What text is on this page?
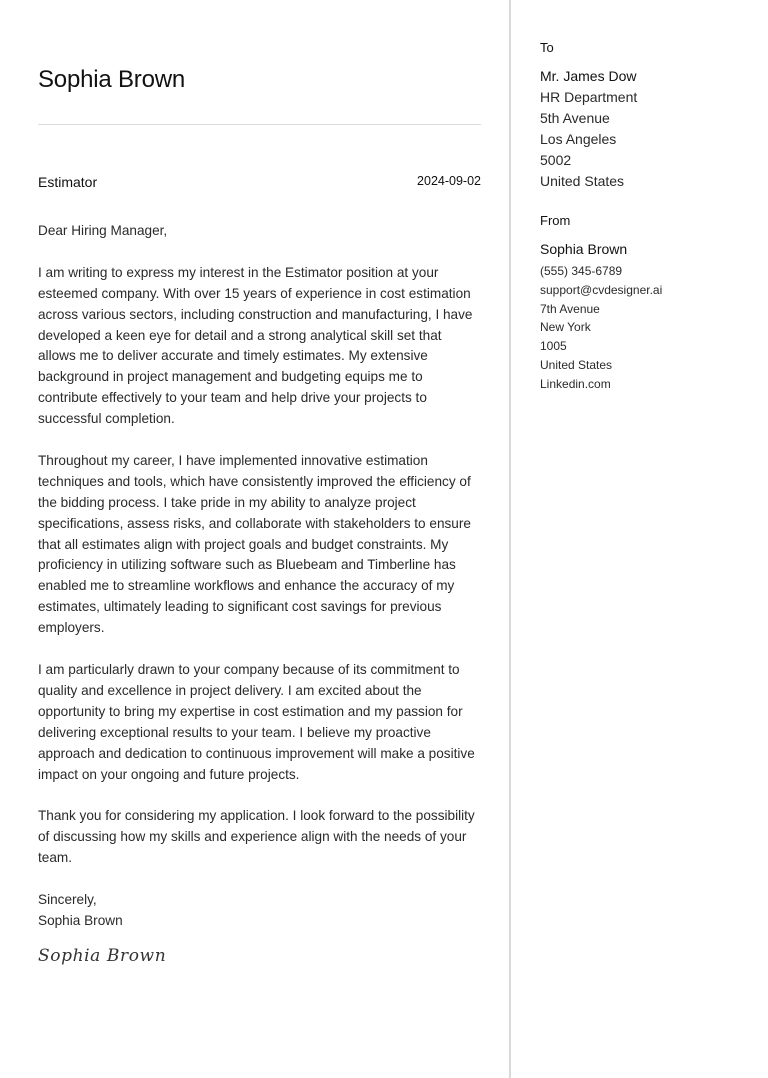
Sophia Brown
Estimator	2024-09-02

Dear Hiring Manager,

I am writing to express my interest in the Estimator position at your esteemed company. With over 15 years of experience in cost estimation across various sectors, including construction and manufacturing, I have developed a keen eye for detail and a strong analytical skill set that allows me to deliver accurate and timely estimates. My extensive background in project management and budgeting equips me to contribute effectively to your team and help drive your projects to successful completion.

Throughout my career, I have implemented innovative estimation techniques and tools, which have consistently improved the efficiency of the bidding process. I take pride in my ability to analyze project specifications, assess risks, and collaborate with stakeholders to ensure that all estimates align with project goals and budget constraints. My proficiency in utilizing software such as Bluebeam and Timberline has enabled me to streamline workflows and enhance the accuracy of my estimates, ultimately leading to significant cost savings for previous employers.

I am particularly drawn to your company because of its commitment to quality and excellence in project delivery. I am excited about the opportunity to bring my expertise in cost estimation and my passion for delivering exceptional results to your team. I believe my proactive approach and dedication to continuous improvement will make a positive impact on your ongoing and future projects.

Thank you for considering my application. I look forward to the possibility of discussing how my skills and experience align with the needs of your team.

Sincerely,
Sophia Brown
Sophia Brown
To
Mr. James Dow
HR Department
5th Avenue
Los Angeles
5002
United States
From
Sophia Brown
(555) 345-6789
support@cvdesigner.ai
7th Avenue
New York
1005
United States
Linkedin.com
